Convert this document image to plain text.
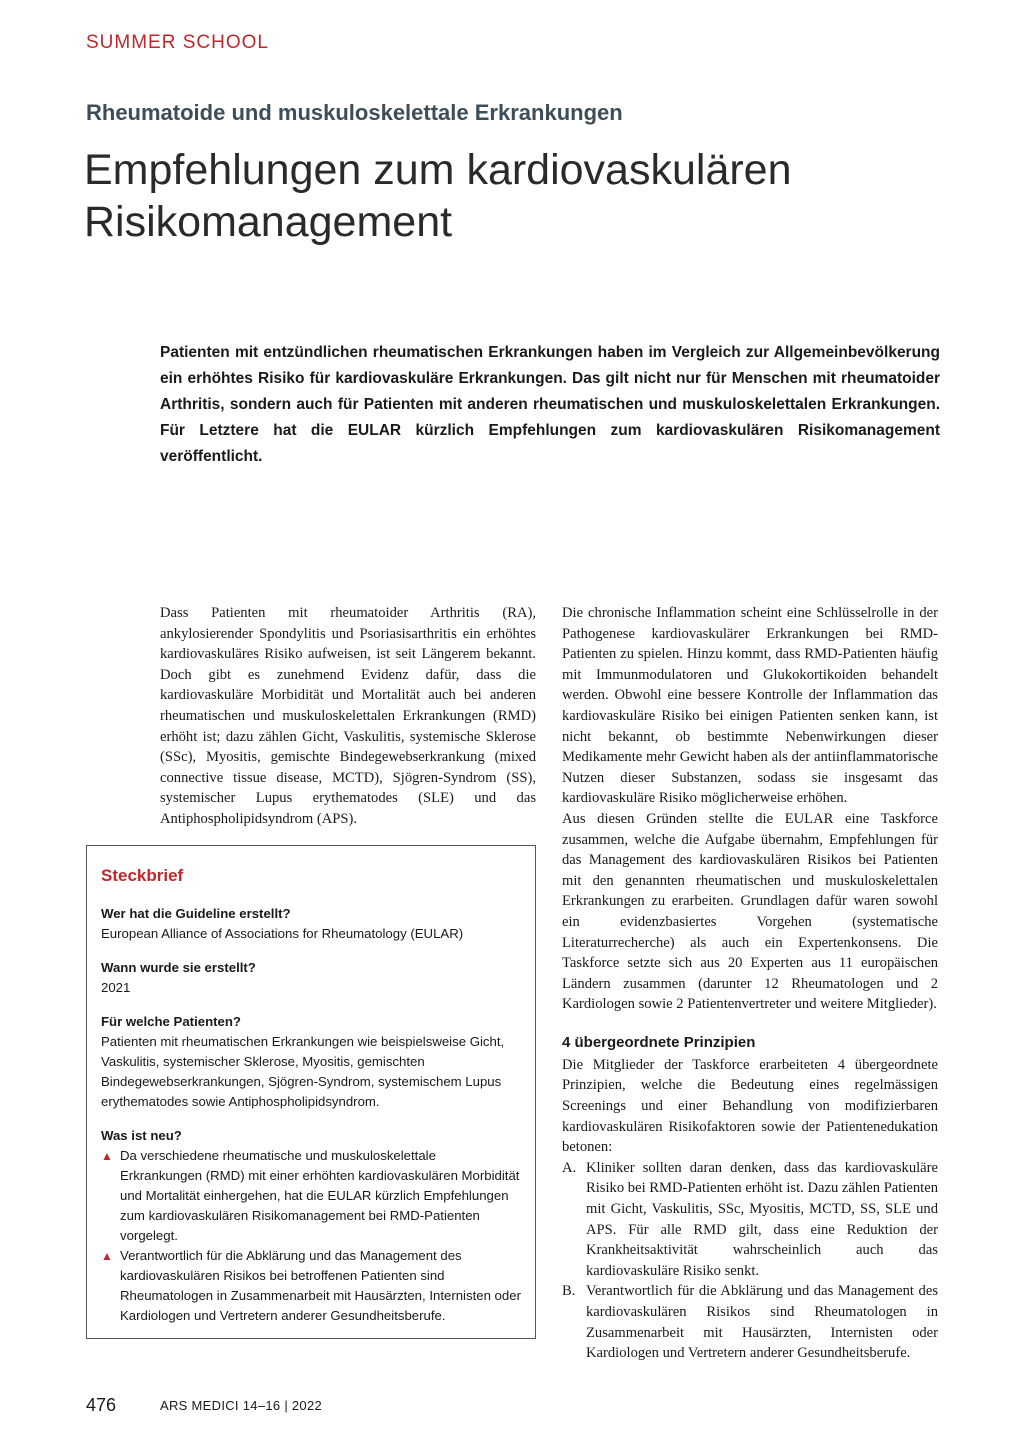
SUMMER SCHOOL
Rheumatoide und muskuloskelettale Erkrankungen
Empfehlungen zum kardiovaskulären Risikomanagement

Patienten mit entzündlichen rheumatischen Erkrankungen haben im Vergleich zur Allgemeinbevölkerung ein erhöhtes Risiko für kardiovaskuläre Erkrankungen. Das gilt nicht nur für Menschen mit rheumatoider Arthritis, sondern auch für Patienten mit anderen rheumatischen und muskuloskelettalen Erkrankungen. Für Letztere hat die EULAR kürzlich Empfehlungen zum kardiovaskulären Risikomanagement veröffentlicht.

Dass Patienten mit rheumatoider Arthritis (RA), ankylosierender Spondylitis und Psoriasisarthritis ein erhöhtes kardiovaskuläres Risiko aufweisen, ist seit Längerem bekannt. Doch gibt es zunehmend Evidenz dafür, dass die kardiovaskuläre Morbidität und Mortalität auch bei anderen rheumatischen und muskuloskelettalen Erkrankungen (RMD) erhöht ist; dazu zählen Gicht, Vaskulitis, systemische Sklerose (SSc), Myositis, gemischte Bindegewebserkrankung (mixed connective tissue disease, MCTD), Sjögren-Syndrom (SS), systemischer Lupus erythematodes (SLE) und das Antiphospholipidsyndrom (APS).

Die chronische Inflammation scheint eine Schlüsselrolle in der Pathogenese kardiovaskulärer Erkrankungen bei RMD-Patienten zu spielen. Hinzu kommt, dass RMD-Patienten häufig mit Immunmodulatoren und Glukokortikoiden behandelt werden. Obwohl eine bessere Kontrolle der Inflammation das kardiovaskuläre Risiko bei einigen Patienten senken kann, ist nicht bekannt, ob bestimmte Nebenwirkungen dieser Medikamente mehr Gewicht haben als der antiinflammatorische Nutzen dieser Substanzen, sodass sie insgesamt das kardiovaskuläre Risiko möglicherweise erhöhen.

Aus diesen Gründen stellte die EULAR eine Taskforce zusammen, welche die Aufgabe übernahm, Empfehlungen für das Management des kardiovaskulären Risikos bei Patienten mit den genannten rheumatischen und muskuloskelettalen Erkrankungen zu erarbeiten. Grundlagen dafür waren sowohl ein evidenzbasiertes Vorgehen (systematische Literaturrecherche) als auch ein Expertenkonsens. Die Taskforce setzte sich aus 20 Experten aus 11 europäischen Ländern zusammen (darunter 12 Rheumatologen und 2 Kardiologen sowie 2 Patientenvertreter und weitere Mitglieder).

4 übergeordnete Prinzipien

Die Mitglieder der Taskforce erarbeiteten 4 übergeordnete Prinzipien, welche die Bedeutung eines regelmässigen Screenings und einer Behandlung von modifizierbaren kardiovaskulären Risikofaktoren sowie der Patientenedukation betonen:

A. Kliniker sollten daran denken, dass das kardiovaskuläre Risiko bei RMD-Patienten erhöht ist. Dazu zählen Patienten mit Gicht, Vaskulitis, SSc, Myositis, MCTD, SS, SLE und APS. Für alle RMD gilt, dass eine Reduktion der Krankheitsaktivität wahrscheinlich auch das kardiovaskuläre Risiko senkt.
B. Verantwortlich für die Abklärung und das Management des kardiovaskulären Risikos sind Rheumatologen in Zusammenarbeit mit Hausärzten, Internisten oder Kardiologen und Vertretern anderer Gesundheitsberufe.
Steckbrief

Wer hat die Guideline erstellt?

European Alliance of Associations for Rheumatology (EULAR)

Wann wurde sie erstellt?

2021

Für welche Patienten?

Patienten mit rheumatischen Erkrankungen wie beispielsweise Gicht, Vaskulitis, systemischer Sklerose, Myositis, gemischten Bindegewebserkrankungen, Sjögren-Syndrom, systemischem Lupus erythematodes sowie Antiphospholipidsyndrom.

Was ist neu?

▲ Da verschiedene rheumatische und muskuloskelettale Erkrankungen (RMD) mit einer erhöhten kardiovaskulären Morbidität und Mortalität einhergehen, hat die EULAR kürzlich Empfehlungen zum kardiovaskulären Risikomanagement bei RMD-Patienten vorgelegt.
▲ Verantwortlich für die Abklärung und das Management des kardiovaskulären Risikos bei betroffenen Patienten sind Rheumatologen in Zusammenarbeit mit Hausärzten, Internisten oder Kardiologen und Vertretern anderer Gesundheitsberufe.
476	ARS MEDICI 14–16 | 2022
